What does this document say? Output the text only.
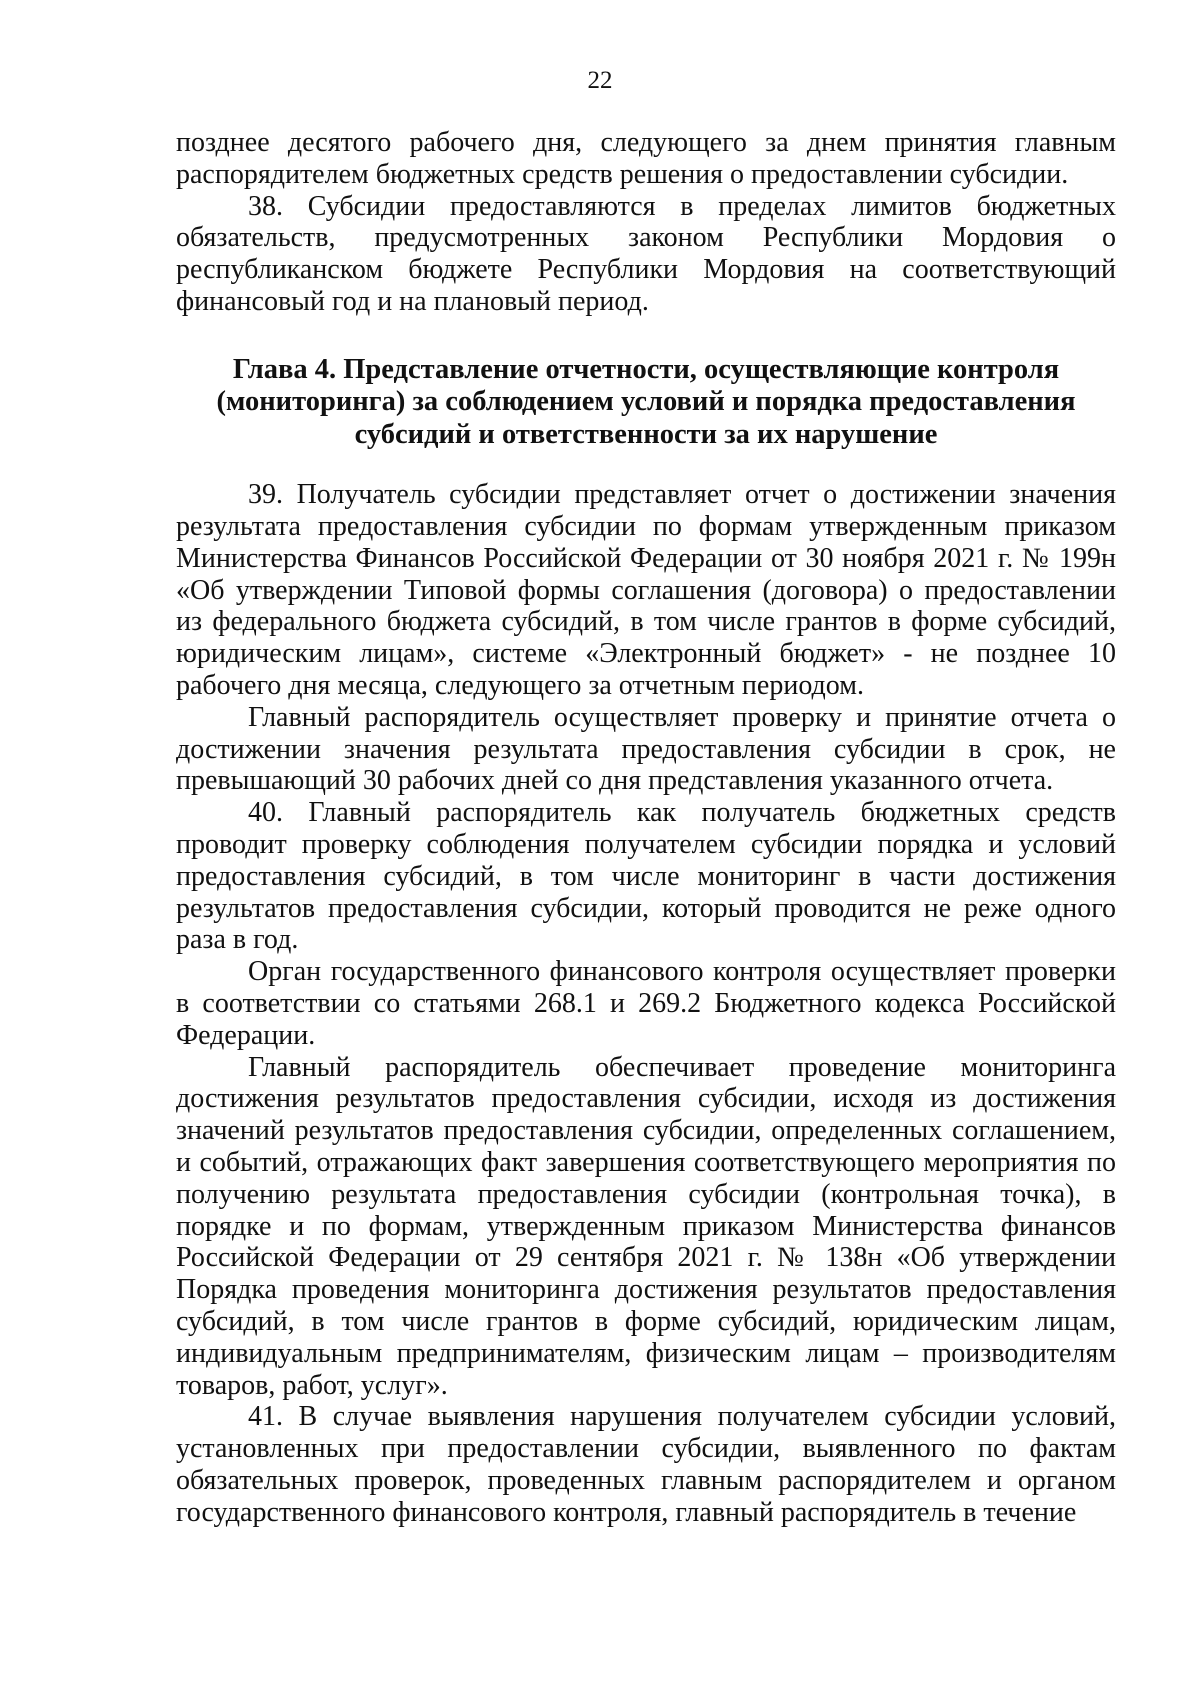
22

позднее десятого рабочего дня, следующего за днем принятия главным распорядителем бюджетных средств решения о предоставлении субсидии.

38. Субсидии предоставляются в пределах лимитов бюджетных обязательств, предусмотренных законом Республики Мордовия о республиканском бюджете Республики Мордовия на соответствующий финансовый год и на плановый период.

Глава 4. Представление отчетности, осуществляющие контроля
(мониторинга) за соблюдением условий и порядка предоставления
субсидий и ответственности за их нарушение

39. Получатель субсидии представляет отчет о достижении значения результата предоставления субсидии по формам утвержденным приказом Министерства Финансов Российской Федерации от 30 ноября 2021 г. № 199н «Об утверждении Типовой формы соглашения (договора) о предоставлении из федерального бюджета субсидий, в том числе грантов в форме субсидий, юридическим лицам», системе «Электронный бюджет» - не позднее 10 рабочего дня месяца, следующего за отчетным периодом.

Главный распорядитель осуществляет проверку и принятие отчета о достижении значения результата предоставления субсидии в срок, не превышающий 30 рабочих дней со дня представления указанного отчета.

40. Главный распорядитель как получатель бюджетных средств проводит проверку соблюдения получателем субсидии порядка и условий предоставления субсидий, в том числе мониторинг в части достижения результатов предоставления субсидии, который проводится не реже одного раза в год.

Орган государственного финансового контроля осуществляет проверки в соответствии со статьями 268.1 и 269.2 Бюджетного кодекса Российской Федерации.

Главный распорядитель обеспечивает проведение мониторинга достижения результатов предоставления субсидии, исходя из достижения значений результатов предоставления субсидии, определенных соглашением, и событий, отражающих факт завершения соответствующего мероприятия по получению результата предоставления субсидии (контрольная точка), в порядке и по формам, утвержденным приказом Министерства финансов Российской Федерации от 29 сентября 2021 г. № 138н «Об утверждении Порядка проведения мониторинга достижения результатов предоставления субсидий, в том числе грантов в форме субсидий, юридическим лицам, индивидуальным предпринимателям, физическим лицам – производителям товаров, работ, услуг».

41. В случае выявления нарушения получателем субсидии условий, установленных при предоставлении субсидии, выявленного по фактам обязательных проверок, проведенных главным распорядителем и органом государственного финансового контроля, главный распорядитель в течение
